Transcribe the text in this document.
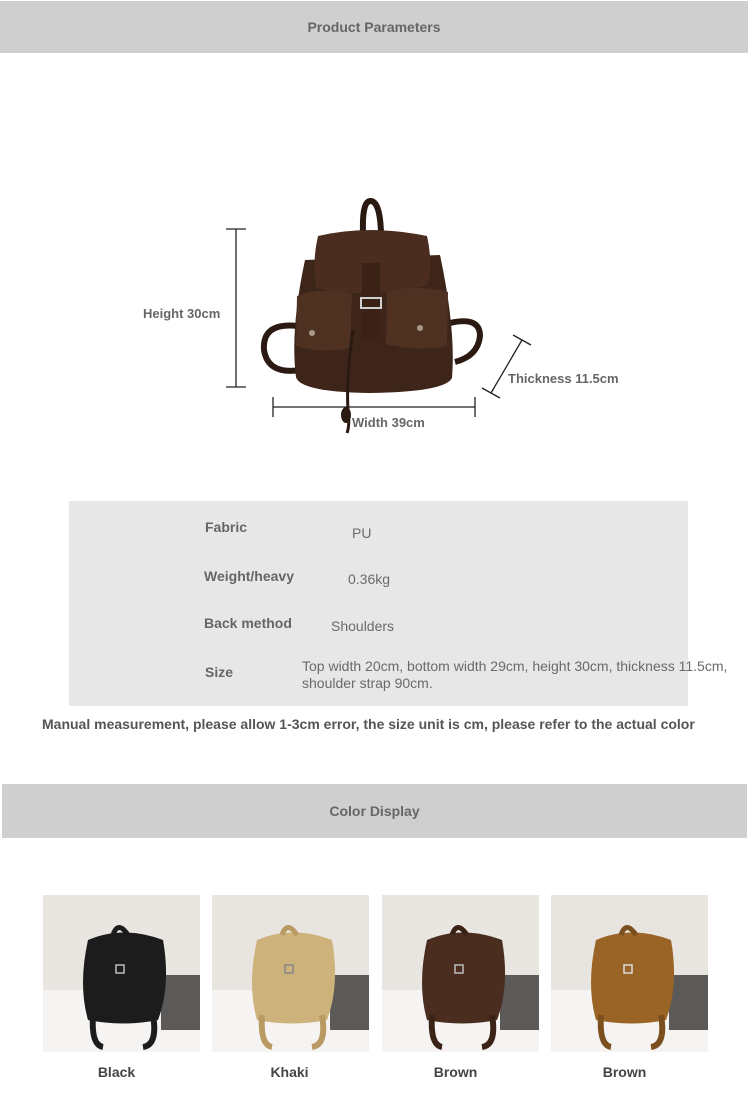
Product Parameters
Height 30cm
Width 39cm
Thickness 11.5cm
Fabric	PU
Weight/heavy	0.36kg
Back method	Shoulders
Size	Top width 20cm, bottom width 29cm, height 30cm, thickness 11.5cm, shoulder strap 90cm.
Manual measurement, please allow 1-3cm error, the size unit is cm, please refer to the actual color
Color Display
Black	Khaki	Brown	Brown
